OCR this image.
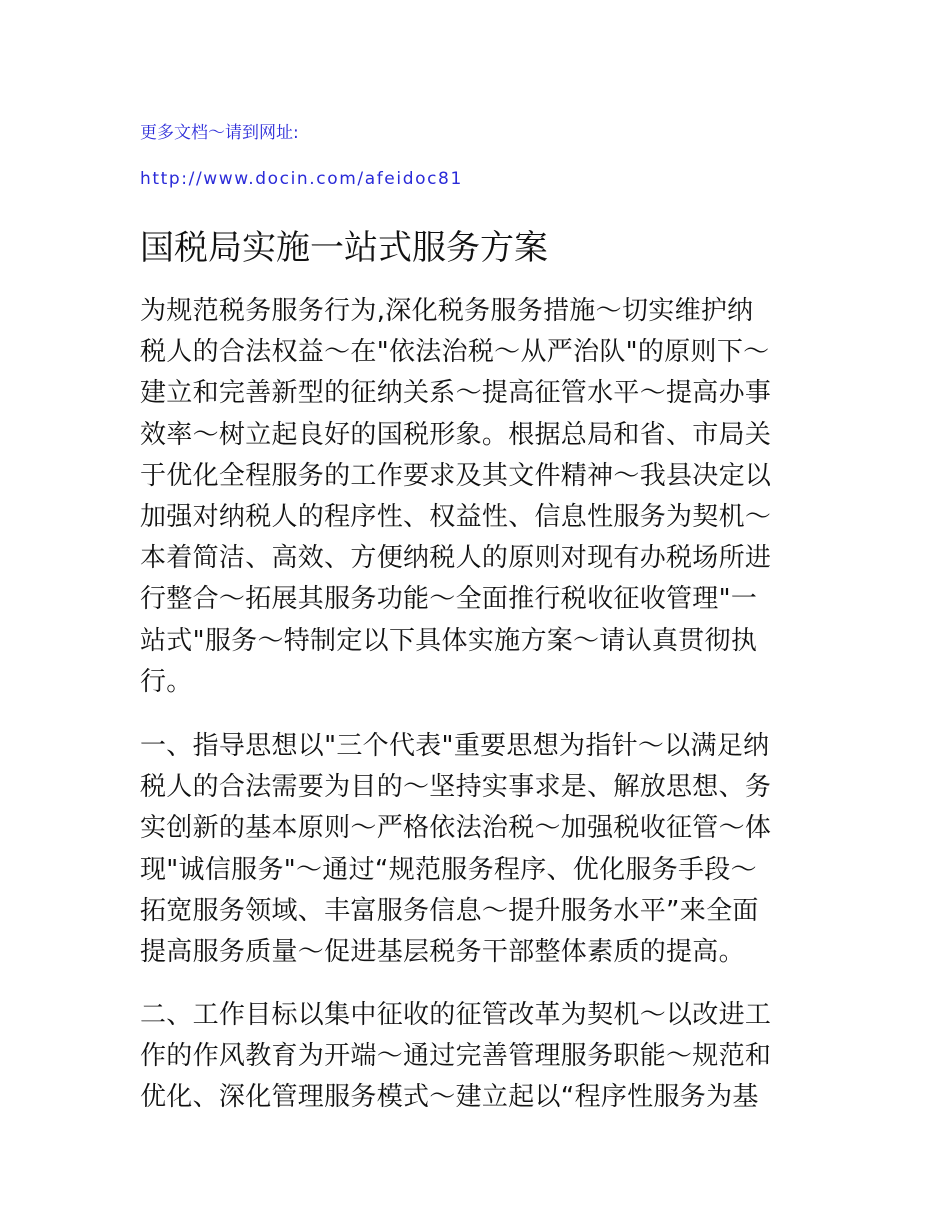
更多文档～请到网址:
http://www.docin.com/afeidoc81
国税局实施一站式服务方案

为规范税务服务行为,深化税务服务措施～切实维护纳
税人的合法权益～在"依法治税～从严治队"的原则下～
建立和完善新型的征纳关系～提高征管水平～提高办事
效率～树立起良好的国税形象。根据总局和省、市局关
于优化全程服务的工作要求及其文件精神～我县决定以
加强对纳税人的程序性、权益性、信息性服务为契机～
本着简洁、高效、方便纳税人的原则对现有办税场所进
行整合～拓展其服务功能～全面推行税收征收管理"一
站式"服务～特制定以下具体实施方案～请认真贯彻执
行。

一、指导思想以"三个代表"重要思想为指针～以满足纳
税人的合法需要为目的～坚持实事求是、解放思想、务
实创新的基本原则～严格依法治税～加强税收征管～体
现"诚信服务"～通过“规范服务程序、优化服务手段～
拓宽服务领域、丰富服务信息～提升服务水平”来全面
提高服务质量～促进基层税务干部整体素质的提高。

二、工作目标以集中征收的征管改革为契机～以改进工
作的作风教育为开端～通过完善管理服务职能～规范和
优化、深化管理服务模式～建立起以“程序性服务为基
